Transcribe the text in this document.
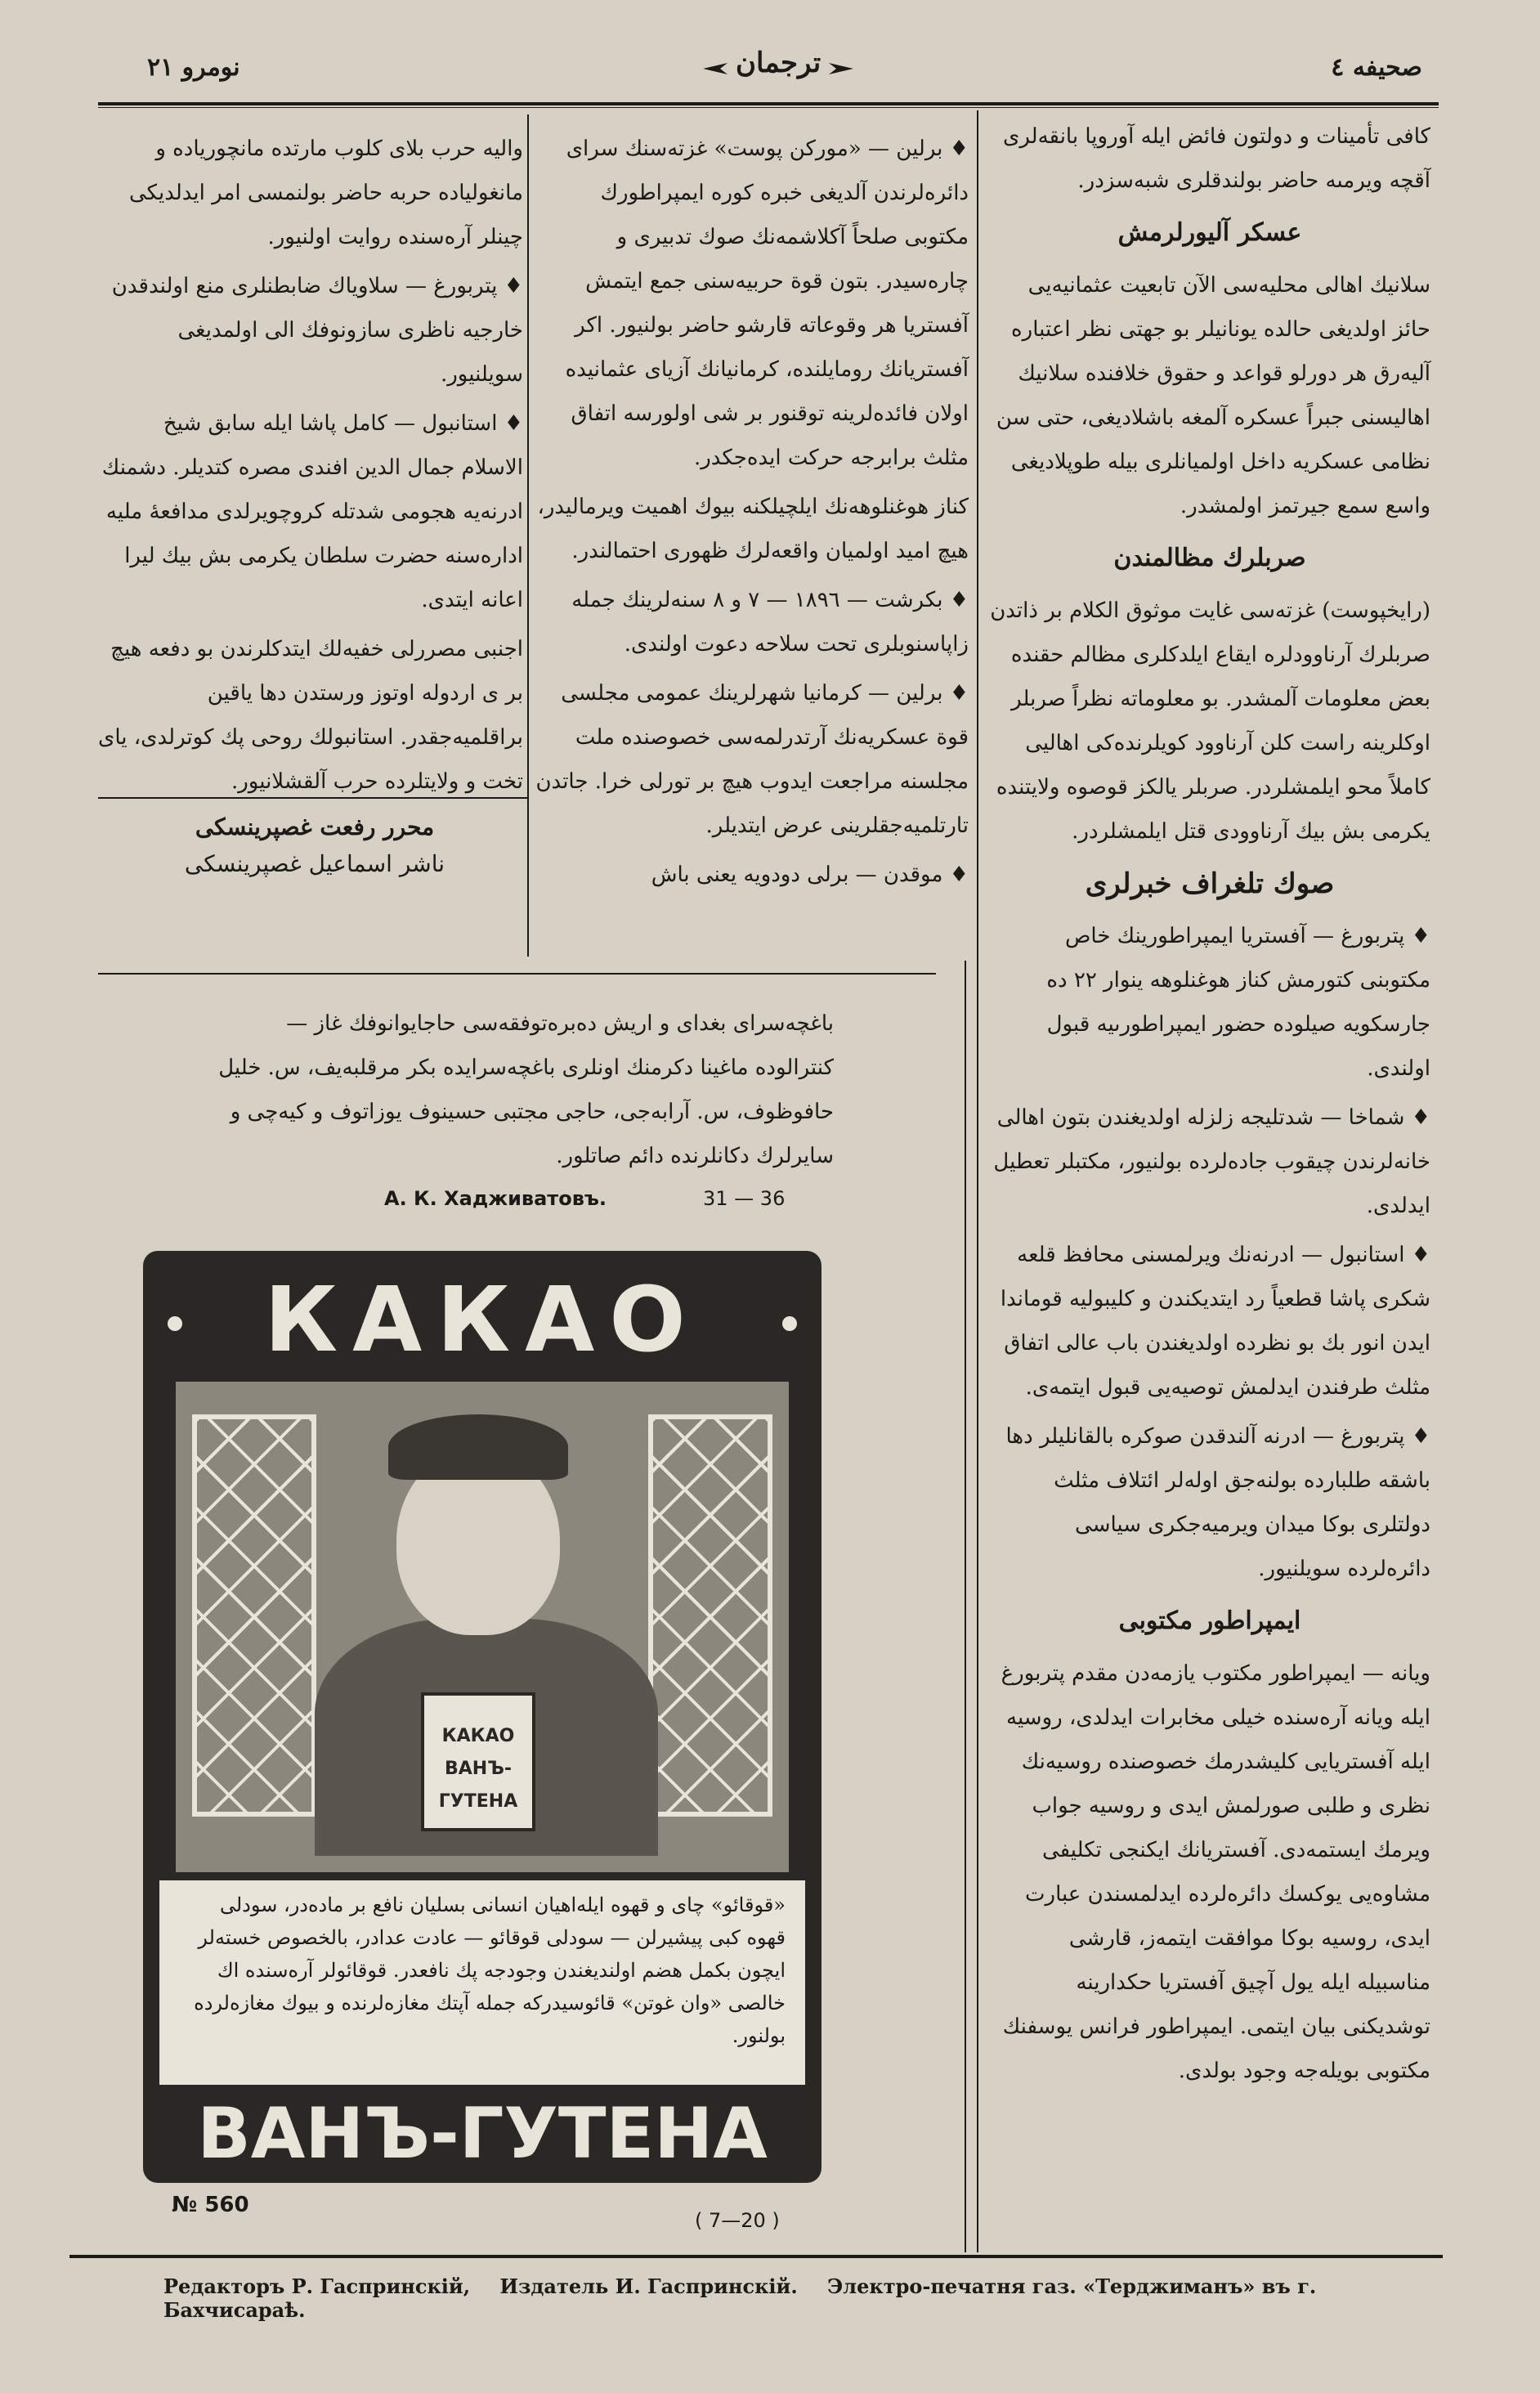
نومرو ٢١	ترجمان	صحيفه ٤

كافى تأمينات و دولتون فائض ايله آوروپا بانقەلرى آقچە ويرمىە حاضر بولندقلرى شبەسزدر.

عسكر آليورلرمش

سلانيك اهالى محليەسى الآن تابعيت عثمانيەيى حائز اولديغى حالدە يونانيلر بو جهتى نظر اعتبارە آليەرق هر دورلو قواعد و حقوق خلافنده سلانيك اهاليسنى جبراً عسكرە آلمغە باشلاديغى، حتى سن نظامى عسكريە داخل اولميانلرى بيلە طوپلاديغى واسع سمع جيرتمز اولمشدر.

صربلرك مظالمندن

(رايخپوست) غزتەسى غايت موثوق الكلام بر ذاتدن صربلرك آرناوودلرە ايقاع ايلدكلرى مظالم حقنده بعض معلومات آلمشدر. بو معلوماتە نظراً صربلر اوكلرينە راست كلن آرناوود كويلرندەكى اهاليى كاملاً محو ايلمشلردر. صربلر يالكز قوصوە ولايتندە يكرمى بش بيك آرناوودى قتل ايلمشلردر.

صوك تلغراف خبرلرى

♦ پتربورغ — آفستريا ايمپراطورينك خاص مكتوبنى كتورمش كناز هوغنلوهە ينوار ٢٢ ده جارسكويە صيلوده حضور ايمپراطورىيە قبول اولندى.

♦ شماخا — شدتليجە زلزلە اولديغندن بتون اهالى خانەلرندن چيقوب جادەلردە بولنيور، مكتبلر تعطيل ايدلدى.

♦ استانبول — ادرنەنك ويرلمسنى محافظ قلعە شكرى پاشا قطعياً رد ايتديكندن و كليبوليە قوماندا ايدن انور بك بو نظرده اولديغندن باب عالى اتفاق مثلث طرفندن ايدلمش توصيەيى قبول ايتمەى.

♦ پتربورغ — ادرنە آلندقدن صوكره بالقانليلر دها باشقه طلبارده بولنەجق اولەلر ائتلاف مثلث دولتلرى بوكا ميدان ويرميەجكرى سياسى دائرەلرده سويلنيور.

ايمپراطور مكتوبى

ويانه — ايمپراطور مكتوب يازمەدن مقدم پتربورغ ايلە ويانه آرەسندە خيلى مخابرات ايدلدى، روسيە ايلە آفستريايى كليشدرمك خصوصنده روسيەنك نظرى و طلبى صورلمش ايدى و روسيە جواب ويرمك ايستمەدى. آفستريانك ايكنجى تكليفى مشاوەيى يوكسك دائرەلرده ايدلمسندن عبارت ايدى، روسيە بوكا موافقت ايتمەز، قارشى مناسبيلە ايلە يول آچيق آفستريا حكدارينە توشديكنى بيان ايتمى. ايمپراطور فرانس يوسفنك مكتوبى بويلەجە وجود بولدى.

♦ برلين — «موركن پوست» غزتەسنك سراى دائرەلرندن آلديغى خبره كوره ايمپراطورك مكتوبى صلحاً آكلاشمەنك صوك تدبيرى و چارەسيدر. بتون قوة حربيەسنى جمع ايتمش آفستريا هر وقوعاتە قارشو حاضر بولنيور. اكر آفستريانك رومايلندە، كرمانيانك آزياى عثمانيدە اولان فائدەلرينە توقنور بر شى اولورسە اتفاق مثلث برابرجە حركت ايدەجكدر.

كناز هوغنلوهەنك ايلچيلكنە بيوك اهميت ويرماليدر، هيچ اميد اولميان واقعەلرك ظهورى احتمالندر.

♦ بكرشت — ١٨٩٦ — ٧ و ٨ سنەلرينك جملە زاپاسنوبلرى تحت سلاحە دعوت اولندى.

♦ برلين — كرمانيا شهرلرينك عمومى مجلسى قوة عسكريەنك آرتدرلمەسى خصوصنده ملت مجلسنه مراجعت ايدوب هيچ بر تورلى خرا. جاتدن تارتلميەجقلرينى عرض ايتديلر.

♦ موقدن — برلى دودويه يعنى باش

واليە حرب بلاى كلوب مارتده مانچوريادە و مانغوليادە حربە حاضر بولنمسى امر ايدلديكى چينلر آرەسندە روايت اولنيور.

♦ پتربورغ — سلاوياك ضابطنلرى منع اولندقدن خارجيە ناظرى سازونوفك الى اولمديغى سويلنيور.

♦ استانبول — كامل پاشا ايلە سابق شيخ الاسلام جمال الدين افندى مصره كتديلر. دشمنك ادرنەيە هجومى شدتلە كروچويرلدى مدافعۀ مليە ادارەسنە حضرت سلطان يكرمى بش بيك ليرا اعانە ايتدى.

اجنبى مصررلى خفيەلك ايتدكلرندن بو دفعه هيچ بر ى اردوله اوتوز ورستدن دها ياقين براقلميەجقدر. استانبولك روحى پك كوترلدى، ياى تخت و ولايتلرده حرب آلقشلانيور.

محرر رفعت غصپرينسكى
ناشر اسماعيل غصپرينسكى
باغچەسراى بغداى و اريش دەبرەتوفقەسى حاجايوانوفك غاز — كنترالودە ماغينا دكرمنك اونلرى باغچەسرايدە بكر مرقلبەيف، س. خليل حافوظوف، س. آرابەجى، حاجى مجتبى حسينوف يوزاتوف و كيەچى و سايرلرك دكانلرنده دائم صاتلور.
А. К. Хадживатовъ.	31 — 36
КАКАО
КАКАО ВАНЪ-ГУТЕНА
«قوقائو» چاى و قهوە ايلەاهيان انسانى بسليان نافع بر مادەدر، سودلى قهوە كبى پيشيرلن — سودلى قوقائو — عادت عدادر، بالخصوص خستەلر ايچون بكمل هضم اولنديغندن وجودجه پك نافعدر. قوقائولر آرەسندە اك خالصى «وان غوتن» قائوسيدركه جملە آپتك مغازەلرنده و بيوك مغازەلرده بولنور.
Наблюдать подпись: Н Фабрикантъ С. J. Van Houten & Zoon, Weesp (Голландія).
ВАНЪ-ГУТЕНА
№ 560
( 7—20 )
Редакторъ Р. Гаспринскій, Издатель И. Гаспринскій. Электро-печатня газ. «Терджиманъ» въ г. Бахчисараѣ.
